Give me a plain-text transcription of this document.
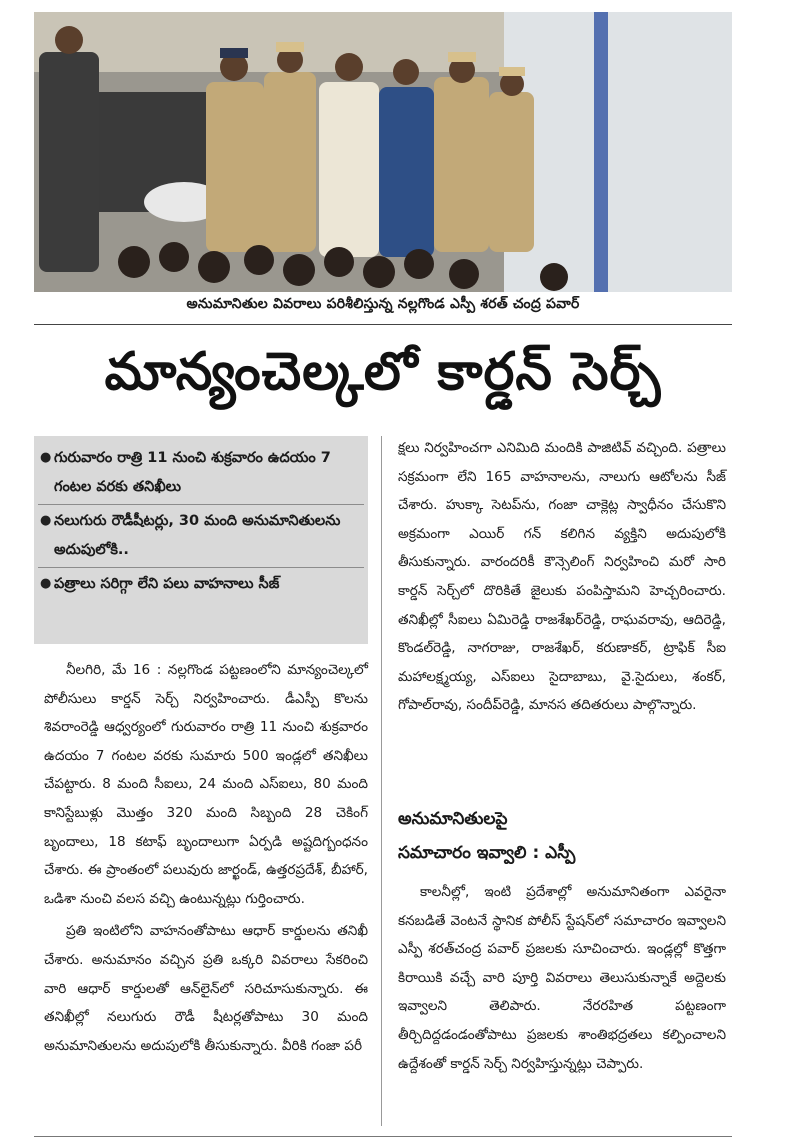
అనుమానితుల వివరాలు పరిశీలిస్తున్న నల్లగొండ ఎస్పీ శరత్ చంద్ర పవార్
మాన్యంచెల్కలో కార్డన్ సెర్చ్
● గురువారం రాత్రి 11 నుంచి శుక్రవారం ఉదయం 7 గంటల వరకు తనిఖీలు
● నలుగురు రౌడీషీటర్లు, 30 మంది అనుమానితులను అదుపులోకి..
● పత్రాలు సరిగ్గా లేని పలు వాహనాలు సీజ్

నీలగిరి, మే 16 : నల్లగొండ పట్టణంలోని మాన్యంచెల్కలో పోలీసులు కార్డన్ సెర్చ్ నిర్వహించారు. డీఎస్పీ కొలను శివరాంరెడ్డి ఆధ్వర్యంలో గురువారం రాత్రి 11 నుంచి శుక్రవారం ఉదయం 7 గంటల వరకు సుమారు 500 ఇండ్లలో తనిఖీలు చేపట్టారు. 8 మంది సీఐలు, 24 మంది ఎస్ఐలు, 80 మంది కానిస్టేబుళ్లు మొత్తం 320 మంది సిబ్బంది 28 చెకింగ్ బృందాలు, 18 కటాఫ్ బృందాలుగా ఏర్పడి అష్టదిగ్బంధనం చేశారు. ఈ ప్రాంతంలో పలువురు జార్ఖండ్, ఉత్తరప్రదేశ్, బీహార్, ఒడిశా నుంచి వలస వచ్చి ఉంటున్నట్లు గుర్తించారు.

ప్రతి ఇంటిలోని వాహనంతోపాటు ఆధార్ కార్డులను తనిఖీ చేశారు. అనుమానం వచ్చిన ప్రతి ఒక్కరి వివరాలు సేకరించి వారి ఆధార్ కార్డులతో ఆన్‌లైన్‌లో సరిచూసుకున్నారు. ఈ తనిఖీల్లో నలుగురు రౌడీ షీటర్లతోపాటు 30 మంది అనుమానితులను అదుపులోకి తీసుకున్నారు. వీరికి గంజా పరీ

క్షలు నిర్వహించగా ఎనిమిది మందికి పాజిటివ్ వచ్చింది. పత్రాలు సక్రమంగా లేని 165 వాహనాలను, నాలుగు ఆటోలను సీజ్ చేశారు. హుక్కా సెటప్‌ను, గంజా చాక్లెట్ల స్వాధీనం చేసుకొని అక్రమంగా ఎయిర్ గన్ కలిగిన వ్యక్తిని అదుపులోకి తీసుకున్నారు. వారందరికీ కౌన్సెలింగ్ నిర్వహించి మరో సారి కార్డన్ సెర్చ్‌లో దొరికితే జైలుకు పంపిస్తామని హెచ్చరించారు. తనిఖీల్లో సీఐలు ఏమిరెడ్డి రాజశేఖర్‌రెడ్డి, రాఘవరావు, ఆదిరెడ్డి, కొండల్‌రెడ్డి, నాగరాజు, రాజశేఖర్, కరుణాకర్, ట్రాఫిక్ సీఐ మహాలక్ష్మయ్య, ఎస్ఐలు సైదాబాబు, వై.సైదులు, శంకర్, గోపాల్‌రావు, సందీప్‌రెడ్డి, మానస తదితరులు పాల్గొన్నారు.

అనుమానితులపై
సమాచారం ఇవ్వాలి : ఎస్పీ

కాలనీల్లో, ఇంటి ప్రదేశాల్లో అనుమానితంగా ఎవరైనా కనబడితే వెంటనే స్థానిక పోలీస్ స్టేషన్‌లో సమాచారం ఇవ్వాలని ఎస్పీ శరత్‌చంద్ర పవార్ ప్రజలకు సూచించారు. ఇండ్లల్లో కొత్తగా కిరాయికి వచ్చే వారి పూర్తి వివరాలు తెలుసుకున్నాకే అద్దెలకు ఇవ్వాలని తెలిపారు. నేరరహిత పట్టణంగా తీర్చిదిద్దడండంతోపాటు ప్రజలకు శాంతిభద్రతలు కల్పించాలని ఉద్దేశంతో కార్డన్ సెర్చ్ నిర్వహిస్తున్నట్లు చెప్పారు.
